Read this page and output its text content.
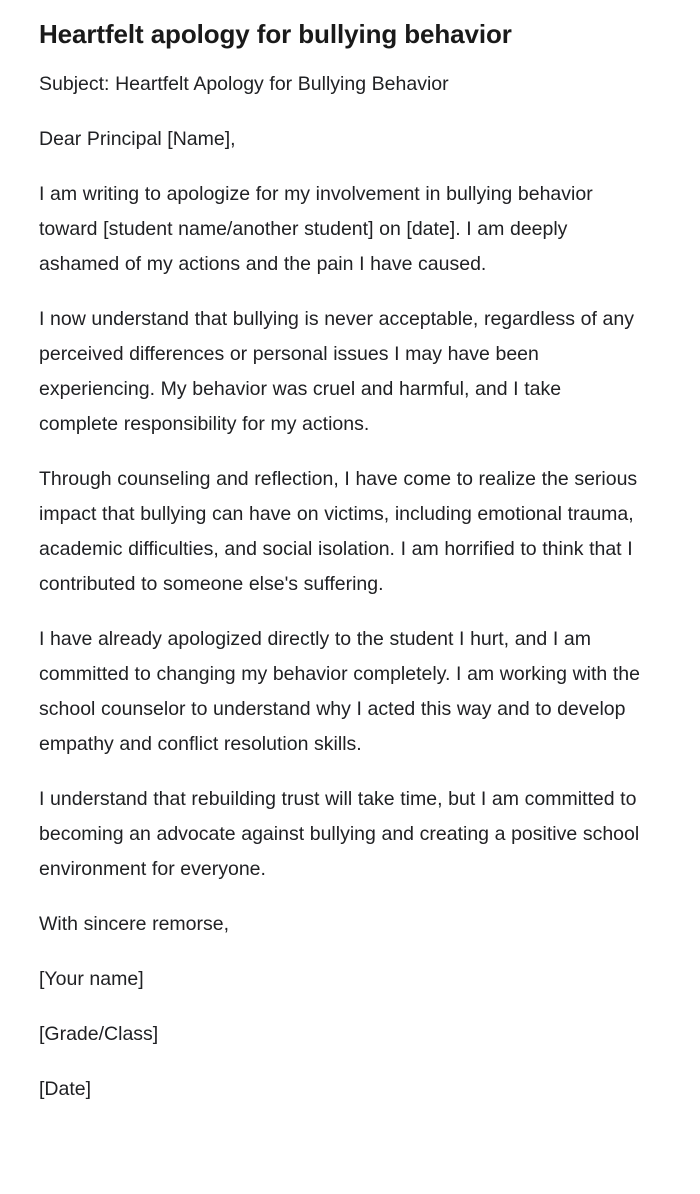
Heartfelt apology for bullying behavior

Subject: Heartfelt Apology for Bullying Behavior

Dear Principal [Name],

I am writing to apologize for my involvement in bullying behavior toward [student name/another student] on [date]. I am deeply ashamed of my actions and the pain I have caused.

I now understand that bullying is never acceptable, regardless of any perceived differences or personal issues I may have been experiencing. My behavior was cruel and harmful, and I take complete responsibility for my actions.

Through counseling and reflection, I have come to realize the serious impact that bullying can have on victims, including emotional trauma, academic difficulties, and social isolation. I am horrified to think that I contributed to someone else's suffering.

I have already apologized directly to the student I hurt, and I am committed to changing my behavior completely. I am working with the school counselor to understand why I acted this way and to develop empathy and conflict resolution skills.

I understand that rebuilding trust will take time, but I am committed to becoming an advocate against bullying and creating a positive school environment for everyone.

With sincere remorse,

[Your name]

[Grade/Class]

[Date]
